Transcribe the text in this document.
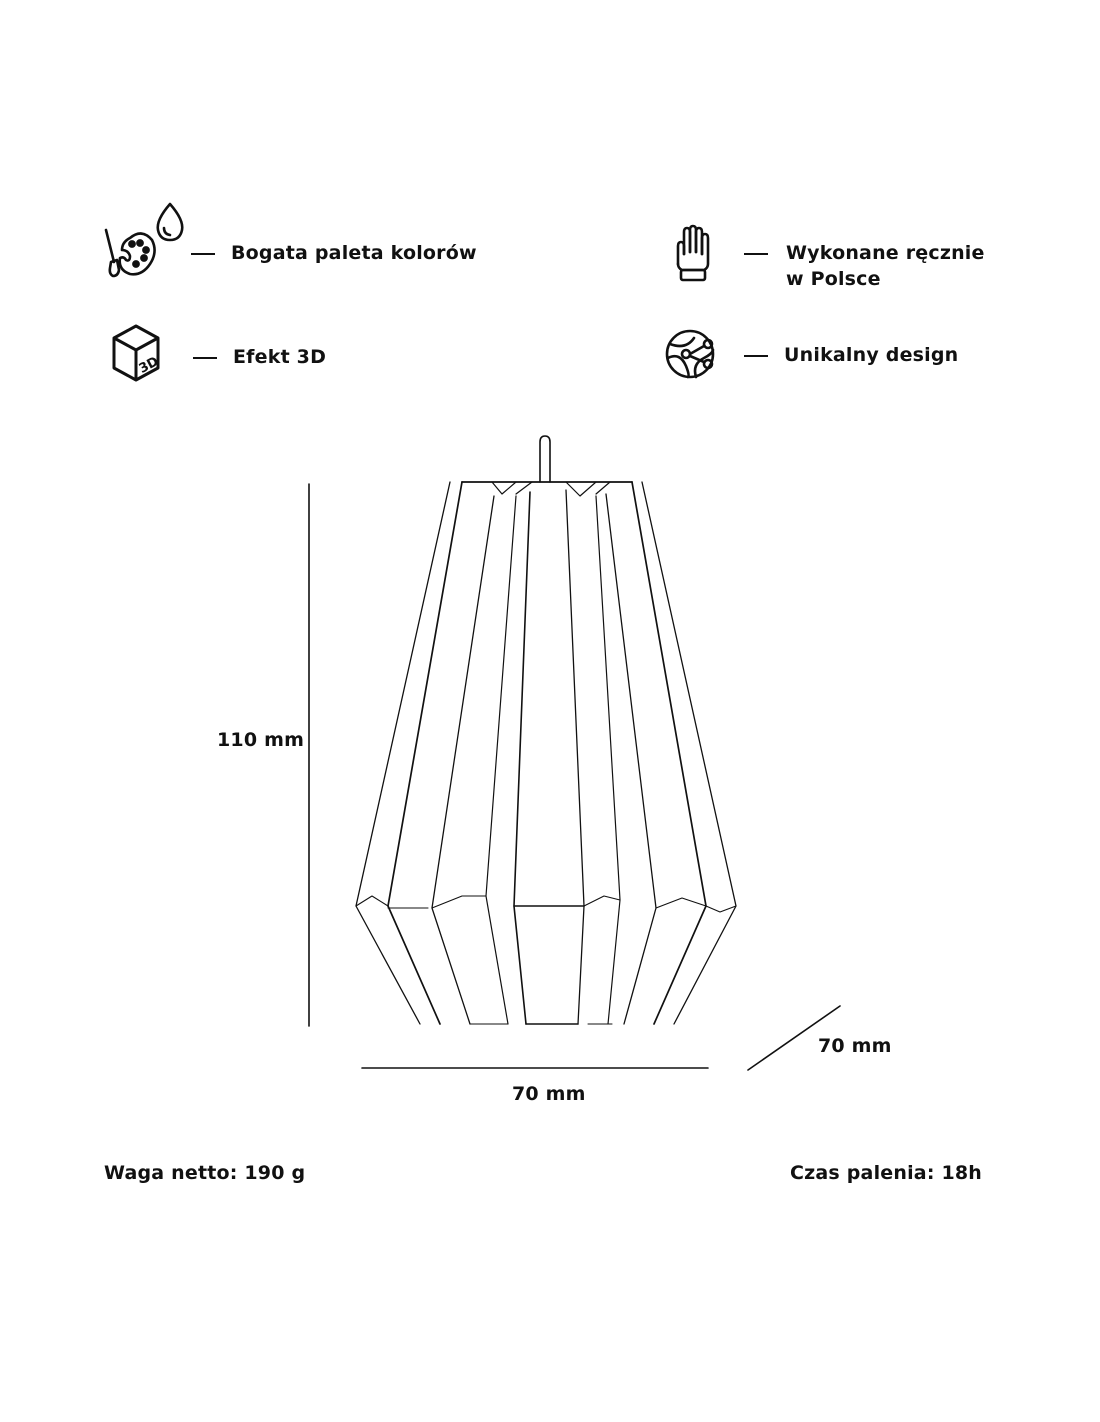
Bogata paleta kolorów	Wykonane ręcznie
w Polsce
3D	Efekt 3D	Unikalny design
110 mm
70 mm
70 mm
Waga netto: 190 g	Czas palenia: 18h
